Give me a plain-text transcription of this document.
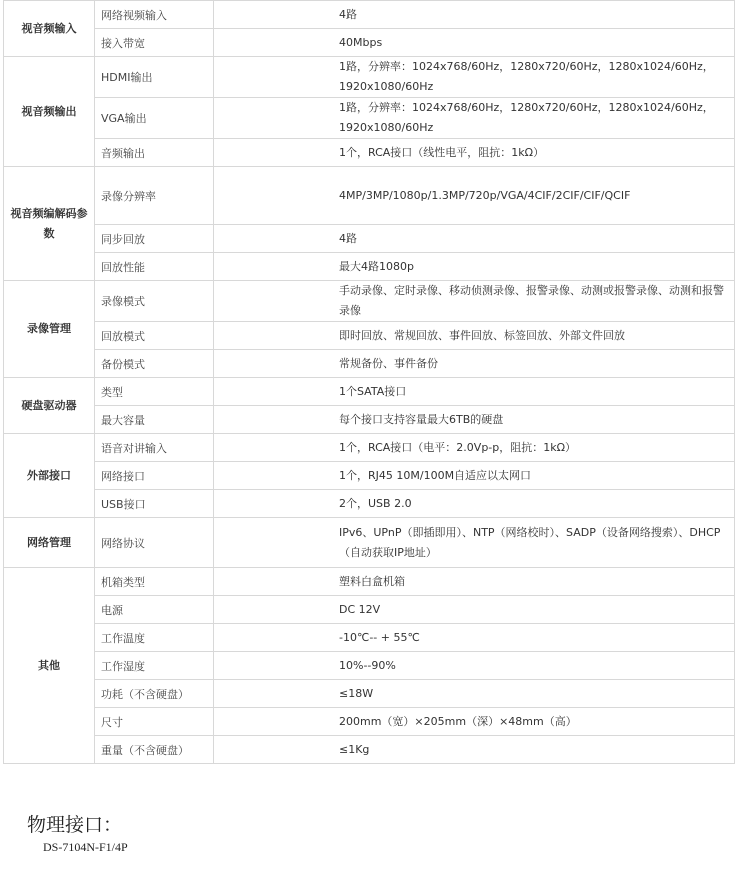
视音频输入	网络视频输入	4路
	接入带宽	40Mbps
视音频输出	HDMI输出	1路，分辨率：1024x768/60Hz，1280x720/60Hz，1280x1024/60Hz，1920x1080/60Hz
	VGA输出	1路，分辨率：1024x768/60Hz，1280x720/60Hz，1280x1024/60Hz，1920x1080/60Hz
	音频输出	1个，RCA接口（线性电平，阻抗：1kΩ）
视音频编解码参数	录像分辨率	4MP/3MP/1080p/1.3MP/720p/VGA/4CIF/2CIF/CIF/QCIF
	同步回放	4路
	回放性能	最大4路1080p
录像管理	录像模式	手动录像、定时录像、移动侦测录像、报警录像、动测或报警录像、动测和报警录像
	回放模式	即时回放、常规回放、事件回放、标签回放、外部文件回放
	备份模式	常规备份、事件备份
硬盘驱动器	类型	1个SATA接口
	最大容量	每个接口支持容量最大6TB的硬盘
外部接口	语音对讲输入	1个，RCA接口（电平：2.0Vp-p，阻抗：1kΩ）
	网络接口	1个，RJ45 10M/100M自适应以太网口
	USB接口	2个，USB 2.0
网络管理	网络协议	IPv6、UPnP（即插即用）、NTP（网络校时）、SADP（设备网络搜索）、DHCP（自动获取IP地址）
其他	机箱类型	塑料白盒机箱
	电源	DC 12V
	工作温度	-10℃-- + 55℃
	工作湿度	10%--90%
	功耗（不含硬盘）	≤18W
	尺寸	200mm（宽）×205mm（深）×48mm（高）
	重量（不含硬盘）	≤1Kg
物理接口：
DS-7104N-F1/4P
